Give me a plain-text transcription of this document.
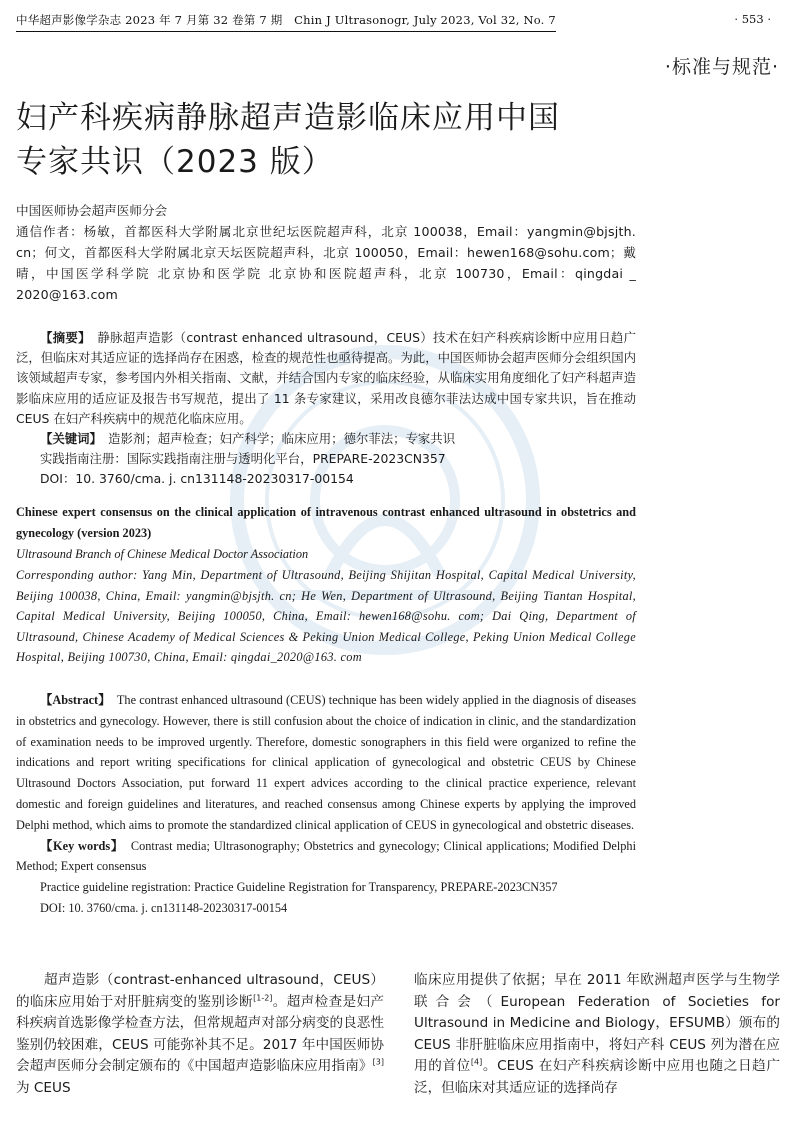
中华超声影像学杂志 2023 年 7 月第 32 卷第 7 期　Chin J Ultrasonogr, July 2023, Vol 32, No. 7	· 553 ·
·标准与规范·
妇产科疾病静脉超声造影临床应用中国
专家共识（2023 版）
中国医师协会超声医师分会
通信作者：杨敏，首都医科大学附属北京世纪坛医院超声科，北京 100038，Email：yangmin@bjsjth. cn；何文，首都医科大学附属北京天坛医院超声科，北京 100050，Email：hewen168@sohu.com；戴晴，中国医学科学院 北京协和医学院 北京协和医院超声科，北京 100730，Email：qingdai _ 2020@163.com

【摘要】　 静脉超声造影（contrast enhanced ultrasound，CEUS）技术在妇产科疾病诊断中应用日趋广泛，但临床对其适应证的选择尚存在困惑，检查的规范性也亟待提高。为此，中国医师协会超声医师分会组织国内该领域超声专家，参考国内外相关指南、文献，并结合国内专家的临床经验，从临床实用角度细化了妇产科超声造影临床应用的适应证及报告书写规范，提出了 11 条专家建议，采用改良德尔菲法达成中国专家共识，旨在推动 CEUS 在妇产科疾病中的规范化临床应用。

【关键词】　 造影剂；超声检查；妇产科学；临床应用；德尔菲法；专家共识

实践指南注册：国际实践指南注册与透明化平台，PREPARE-2023CN357
DOI：10. 3760/cma. j. cn131148-20230317-00154
Chinese expert consensus on the clinical application of intravenous contrast enhanced ultrasound in obstetrics and gynecology (version 2023)
Ultrasound Branch of Chinese Medical Doctor Association
Corresponding author: Yang Min, Department of Ultrasound, Beijing Shijitan Hospital, Capital Medical University, Beijing 100038, China, Email: yangmin@bjsjth. cn; He Wen, Department of Ultrasound, Beijing Tiantan Hospital, Capital Medical University, Beijing 100050, China, Email: hewen168@sohu. com; Dai Qing, Department of Ultrasound, Chinese Academy of Medical Sciences & Peking Union Medical College, Peking Union Medical College Hospital, Beijing 100730, China, Email: qingdai_2020@163. com

【Abstract】　 The contrast enhanced ultrasound (CEUS) technique has been widely applied in the diagnosis of diseases in obstetrics and gynecology. However, there is still confusion about the choice of indication in clinic, and the standardization of examination needs to be improved urgently. Therefore, domestic sonographers in this field were organized to refine the indications and report writing specifications for clinical application of gynecological and obstetric CEUS by Chinese Ultrasound Doctors Association, put forward 11 expert advices according to the clinical practice experience, relevant domestic and foreign guidelines and literatures, and reached consensus among Chinese experts by applying the improved Delphi method, which aims to promote the standardized clinical application of CEUS in gynecological and obstetric diseases.

【Key words】　 Contrast media; Ultrasonography; Obstetrics and gynecology; Clinical applications; Modified Delphi Method; Expert consensus

Practice guideline registration: Practice Guideline Registration for Transparency, PREPARE-2023CN357
DOI: 10. 3760/cma. j. cn131148-20230317-00154

超声造影（contrast-enhanced ultrasound，CEUS）的临床应用始于对肝脏病变的鉴别诊断[1-2]。超声检查是妇产科疾病首选影像学检查方法，但常规超声对部分病变的良恶性鉴别仍较困难，CEUS 可能弥补其不足。2017 年中国医师协会超声医师分会制定颁布的《中国超声造影临床应用指南》[3]为 CEUS

临床应用提供了依据；早在 2011 年欧洲超声医学与生物学联合会（European Federation of Societies for Ultrasound in Medicine and Biology，EFSUMB）颁布的 CEUS 非肝脏临床应用指南中，将妇产科 CEUS 列为潜在应用的首位[4]。CEUS 在妇产科疾病诊断中应用也随之日趋广泛，但临床对其适应证的选择尚存
